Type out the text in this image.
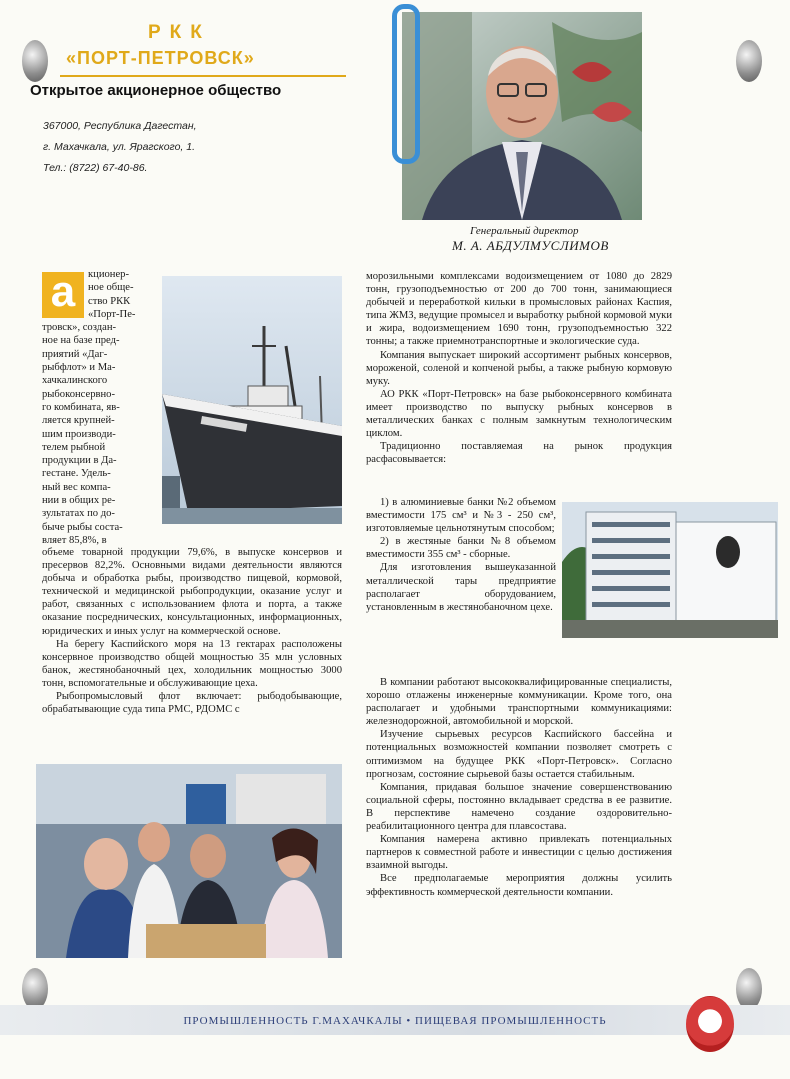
РКК
«ПОРТ-ПЕТРОВСК»
Открытое акционерное общество
367000, Республика Дагестан,
г. Махачкала, ул. Ярагского, 1.
Тел.: (8722) 67-40-86.
Генеральный директор
М. А. АБДУЛМУСЛИМОВ
а	кционер-
ное обще-
ство РКК
«Порт-Пе-
тровск», создан-
ное на базе пред-
приятий «Даг-
рыбфлот» и Ма-
хачкалинского
рыбоконсервно-
го комбината, яв-
ляется крупней-
шим производи-
телем рыбной
продукции в Да-
гестане. Удель-
ный вес компа-
нии в общих ре-
зультатах по до-
быче рыбы соста-
вляет 85,8%, в

объеме товарной продукции 79,6%, в выпуске консервов и пресервов 82,2%. Основными видами деятельности являются добыча и обработка рыбы, производство пищевой, кормовой, технической и медицинской рыбопродукции, оказание услуг и работ, связанных с использованием флота и порта, а также оказание посреднических, консультационных, информационных, юридических и иных услуг на коммерческой основе.

На берегу Каспийского моря на 13 гектарах расположены консервное производство общей мощностью 35 млн условных банок, жестянобаночный цех, холодильник мощностью 3000 тонн, вспомогательные и обслуживающие цеха.

Рыбопромысловый флот включает: рыбодобывающие, обрабатывающие суда типа РМС, РДОМС с

морозильными комплексами водоизмещением от 1080 до 2829 тонн, грузоподъемностью от 200 до 700 тонн, занимающиеся добычей и переработкой кильки в промысловых районах Каспия, типа ЖМЗ, ведущие промысел и выработку рыбной кормовой муки и жира, водоизмещением 1690 тонн, грузоподъемностью 322 тонны; а также приемнотранспортные и экологические суда.

Компания выпускает широкий ассортимент рыбных консервов, мороженой, соленой и копченой рыбы, а также рыбную кормовую муку.

АО РКК «Порт-Петровск» на базе рыбоконсервного комбината имеет производство по выпуску рыбных консервов в металлических банках с полным замкнутым технологическим циклом.

Традиционно поставляемая на рынок продукция расфасовывается:

1) в алюминиевые банки №2 объемом вместимости 175 см³ и №3 - 250 см³, изготовляемые цельнотянутым способом;

2) в жестяные банки №8 объемом вместимости 355 см³ - сборные.

Для изготовления вышеуказанной металлической тары предприятие располагает оборудованием, установленным в жестянобаночном цехе.

В компании работают высококвалифицированные специалисты, хорошо отлажены инженерные коммуникации. Кроме того, она располагает и удобными транспортными коммуникациями: железнодорожной, автомобильной и морской.

Изучение сырьевых ресурсов Каспийского бассейна и потенциальных возможностей компании позволяет смотреть с оптимизмом на будущее РКК «Порт-Петровск». Согласно прогнозам, состояние сырьевой базы остается стабильным.

Компания, придавая большое значение совершенствованию социальной сферы, постоянно вкладывает средства в ее развитие. В перспективе намечено создание оздоровительно-реабилитационного центра для плавсостава.

Компания намерена активно привлекать потенциальных партнеров к совместной работе и инвестиции с целью достижения взаимной выгоды.

Все предполагаемые мероприятия должны усилить эффективность коммерческой деятельности компании.

ПРОМЫШЛЕННОСТЬ Г.МАХАЧКАЛЫ • ПИЩЕВАЯ ПРОМЫШЛЕННОСТЬ
